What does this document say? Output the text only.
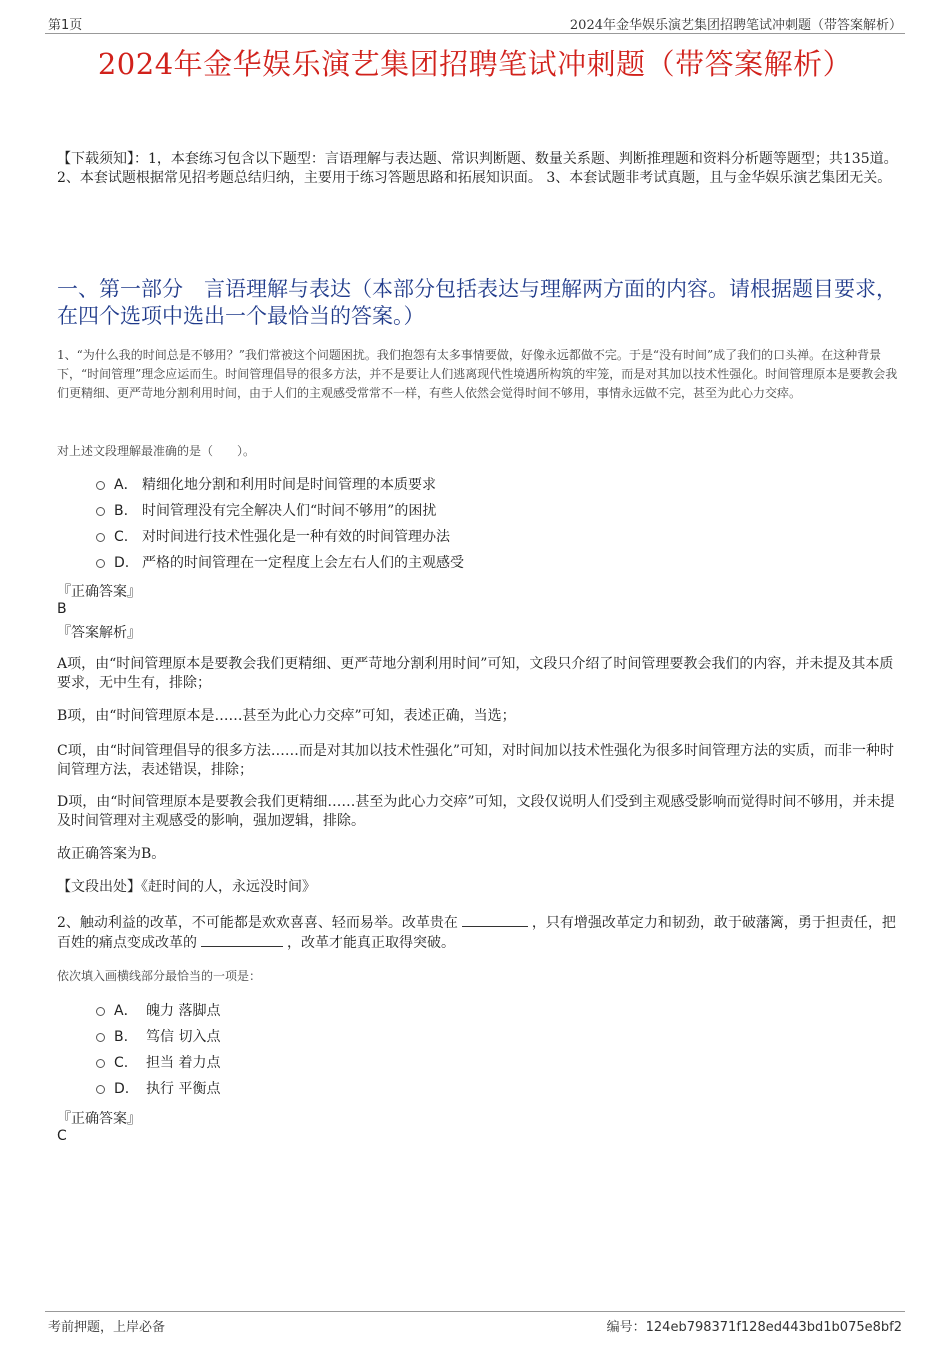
第1页	2024年金华娱乐演艺集团招聘笔试冲刺题（带答案解析）
2024年金华娱乐演艺集团招聘笔试冲刺题（带答案解析）
【下载须知】：1，本套练习包含以下题型：言语理解与表达题、常识判断题、数量关系题、判断推理题和资料分析题等题型；共135道。 2、本套试题根据常见招考题总结归纳，主要用于练习答题思路和拓展知识面。 3、本套试题非考试真题，且与金华娱乐演艺集团无关。
一、第一部分　言语理解与表达（本部分包括表达与理解两方面的内容。请根据题目要求，在四个选项中选出一个最恰当的答案。）
1、“为什么我的时间总是不够用？”我们常被这个问题困扰。我们抱怨有太多事情要做，好像永远都做不完。于是“没有时间”成了我们的口头禅。在这种背景下，“时间管理”理念应运而生。时间管理倡导的很多方法，并不是要让人们逃离现代性境遇所构筑的牢笼，而是对其加以技术性强化。时间管理原本是要教会我们更精细、更严苛地分割利用时间，由于人们的主观感受常常不一样，有些人依然会觉得时间不够用，事情永远做不完，甚至为此心力交瘁。
对上述文段理解最准确的是（　　）。
A． 精细化地分割和利用时间是时间管理的本质要求
B. 时间管理没有完全解决人们“时间不够用”的困扰
C. 对时间进行技术性强化是一种有效的时间管理办法
D. 严格的时间管理在一定程度上会左右人们的主观感受
『正确答案』
B
『答案解析』
A项，由“时间管理原本是要教会我们更精细、更严苛地分割利用时间”可知，文段只介绍了时间管理要教会我们的内容，并未提及其本质要求，无中生有，排除；
B项，由“时间管理原本是……甚至为此心力交瘁”可知，表述正确，当选；
C项，由“时间管理倡导的很多方法……而是对其加以技术性强化”可知，对时间加以技术性强化为很多时间管理方法的实质，而非一种时间管理方法，表述错误，排除；
D项，由“时间管理原本是要教会我们更精细……甚至为此心力交瘁”可知，文段仅说明人们受到主观感受影响而觉得时间不够用，并未提及时间管理对主观感受的影响，强加逻辑，排除。
故正确答案为B。
【文段出处】《赶时间的人，永远没时间》
2、触动利益的改革，不可能都是欢欢喜喜、轻而易举。改革贵在	，只有增强改革定力和韧劲，敢于破藩篱，勇于担责任，把百姓的痛点变成改革的	，改革才能真正取得突破。
依次填入画横线部分最恰当的一项是：
A． 魄力 落脚点
B. 笃信 切入点
C. 担当 着力点
D. 执行 平衡点
『正确答案』
C
考前押题，上岸必备	编号：124eb798371f128ed443bd1b075e8bf2
